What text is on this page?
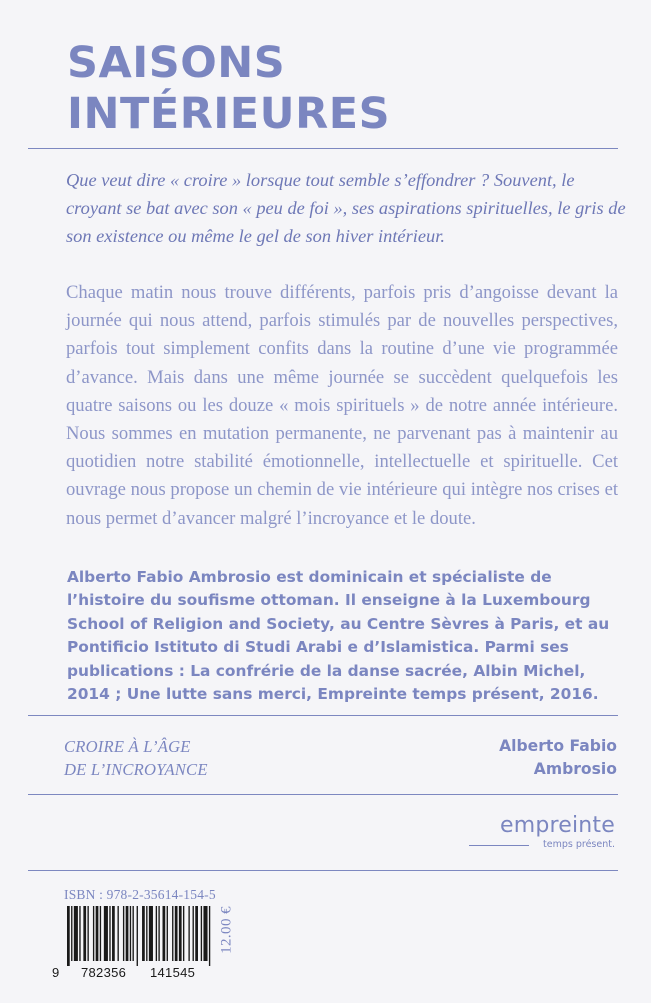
SAISONS
INTÉRIEURES

Que veut dire « croire » lorsque tout semble s’effondrer ? Souvent, le croyant se bat avec son « peu de foi », ses aspirations spirituelles, le gris de son existence ou même le gel de son hiver intérieur.

Chaque matin nous trouve différents, parfois pris d’angoisse devant la journée qui nous attend, parfois stimulés par de nouvelles perspectives, parfois tout simplement confits dans la routine d’une vie programmée d’avance. Mais dans une même journée se succèdent quelquefois les quatre saisons ou les douze « mois spirituels » de notre année intérieure. Nous sommes en mutation permanente, ne parvenant pas à maintenir au quotidien notre stabilité émotionnelle, intellectuelle et spirituelle. Cet ouvrage nous propose un chemin de vie intérieure qui intègre nos crises et nous permet d’avancer malgré l’incroyance et le doute.

Alberto Fabio Ambrosio est dominicain et spécialiste de l’histoire du soufisme ottoman. Il enseigne à la Luxembourg School of Religion and Society, au Centre Sèvres à Paris, et au Pontificio Istituto di Studi Arabi e d’Islamistica. Parmi ses publications : La confrérie de la danse sacrée, Albin Michel, 2014 ; Une lutte sans merci, Empreinte temps présent, 2016.

CROIRE À L’ÂGE
DE L’INCROYANCE

Alberto Fabio
Ambrosio

empreinte
temps présent.

ISBN : 978-2-35614-154-5

9 782356 141545
12.00 €
